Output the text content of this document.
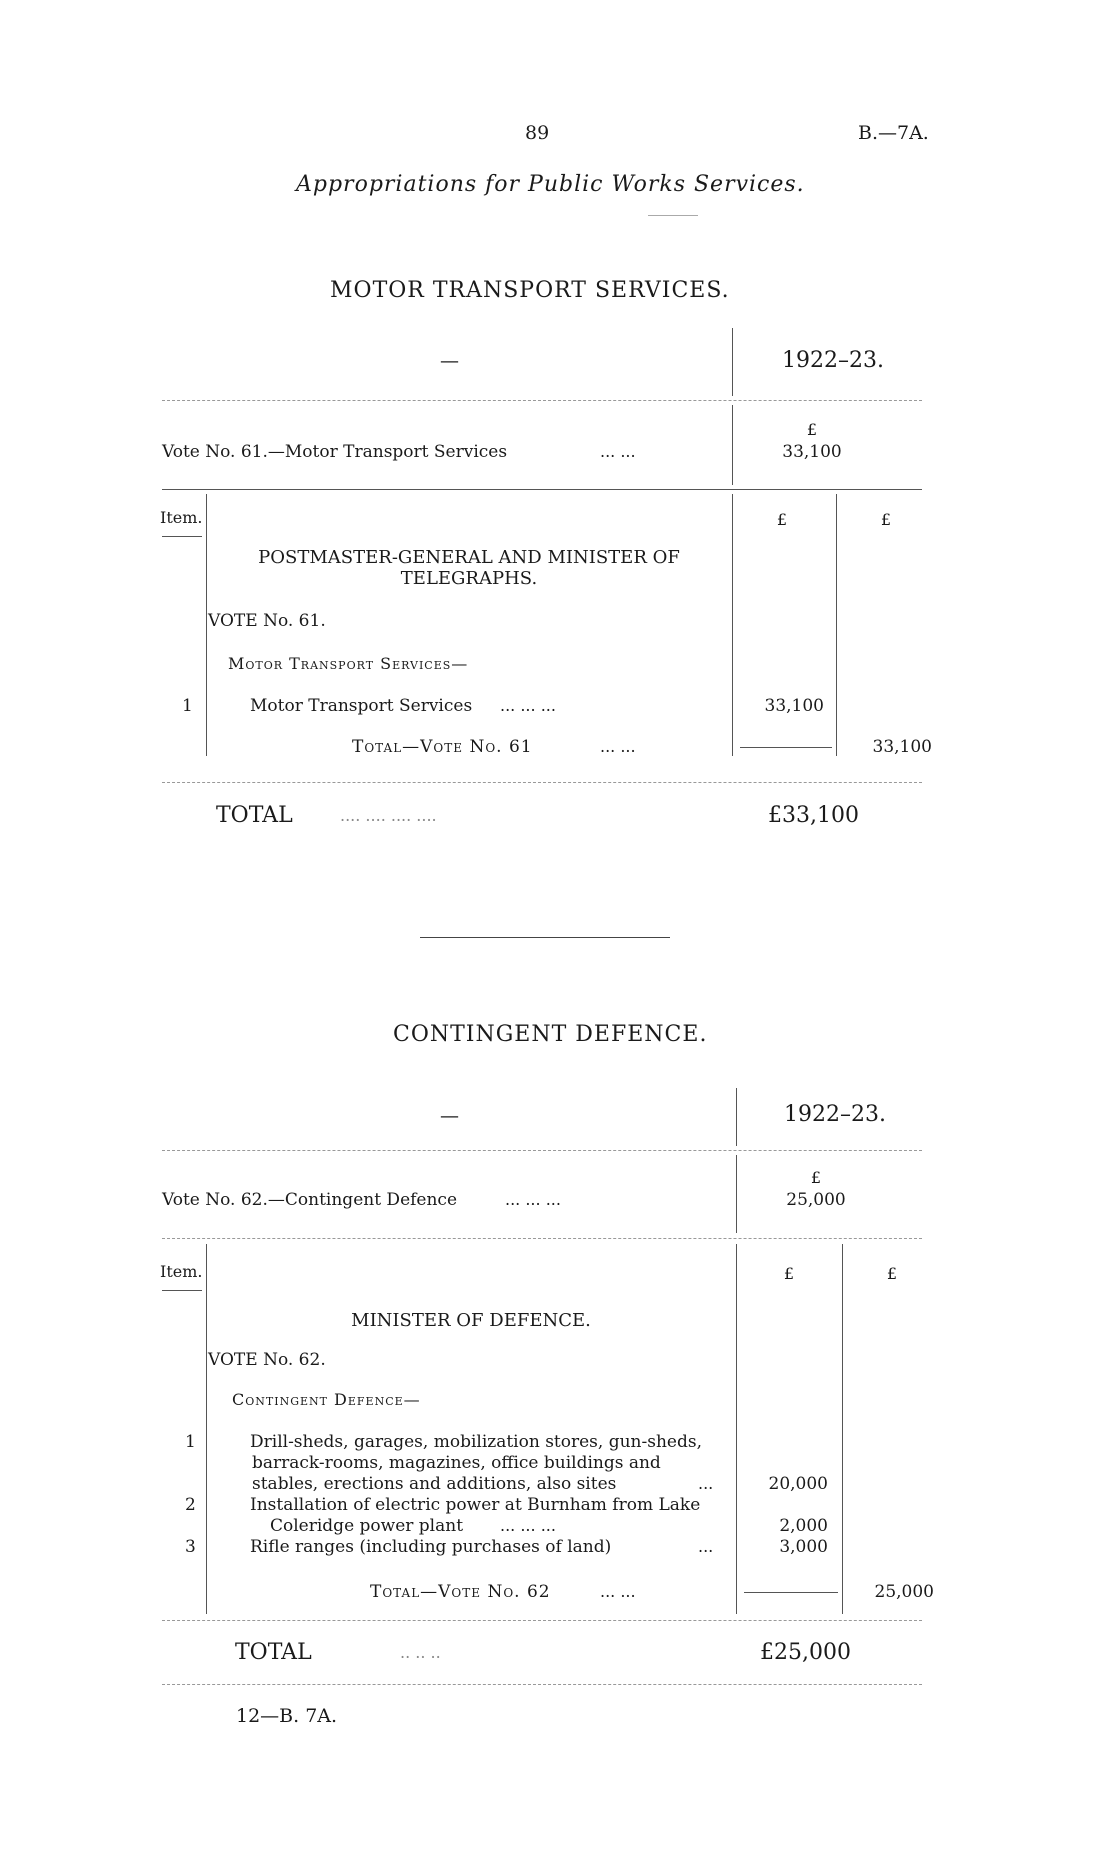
89	B.—7A.
Appropriations for Public Works Services.
MOTOR TRANSPORT SERVICES.
—	1922–23.
Vote No. 61.—Motor Transport Services	... ...
£
33,100
Item.	£	£
POSTMASTER-GENERAL AND MINISTER OF
TELEGRAPHS.
VOTE No. 61.
Motor Transport Services—
1	Motor Transport Services ... ... ...	33,100
Total—Vote No. 61	... ...	33,100
TOTAL	.... .... .... ....	£33,100
CONTINGENT DEFENCE.
—	1922–23.
Vote No. 62.—Contingent Defence	... ... ...
£
25,000
Item.	£	£
MINISTER OF DEFENCE.
VOTE No. 62.
Contingent Defence—
1	Drill-sheds, garages, mobilization stores, gun-sheds,
barrack-rooms, magazines, office buildings and
stables, erections and additions, also sites	...	20,000
2	Installation of electric power at Burnham from Lake
Coleridge power plant ... ... ...	2,000
3	Rifle ranges (including purchases of land)	...	3,000
Total—Vote No. 62	... ...	25,000
TOTAL	.. .. ..	£25,000
12—B. 7A.
